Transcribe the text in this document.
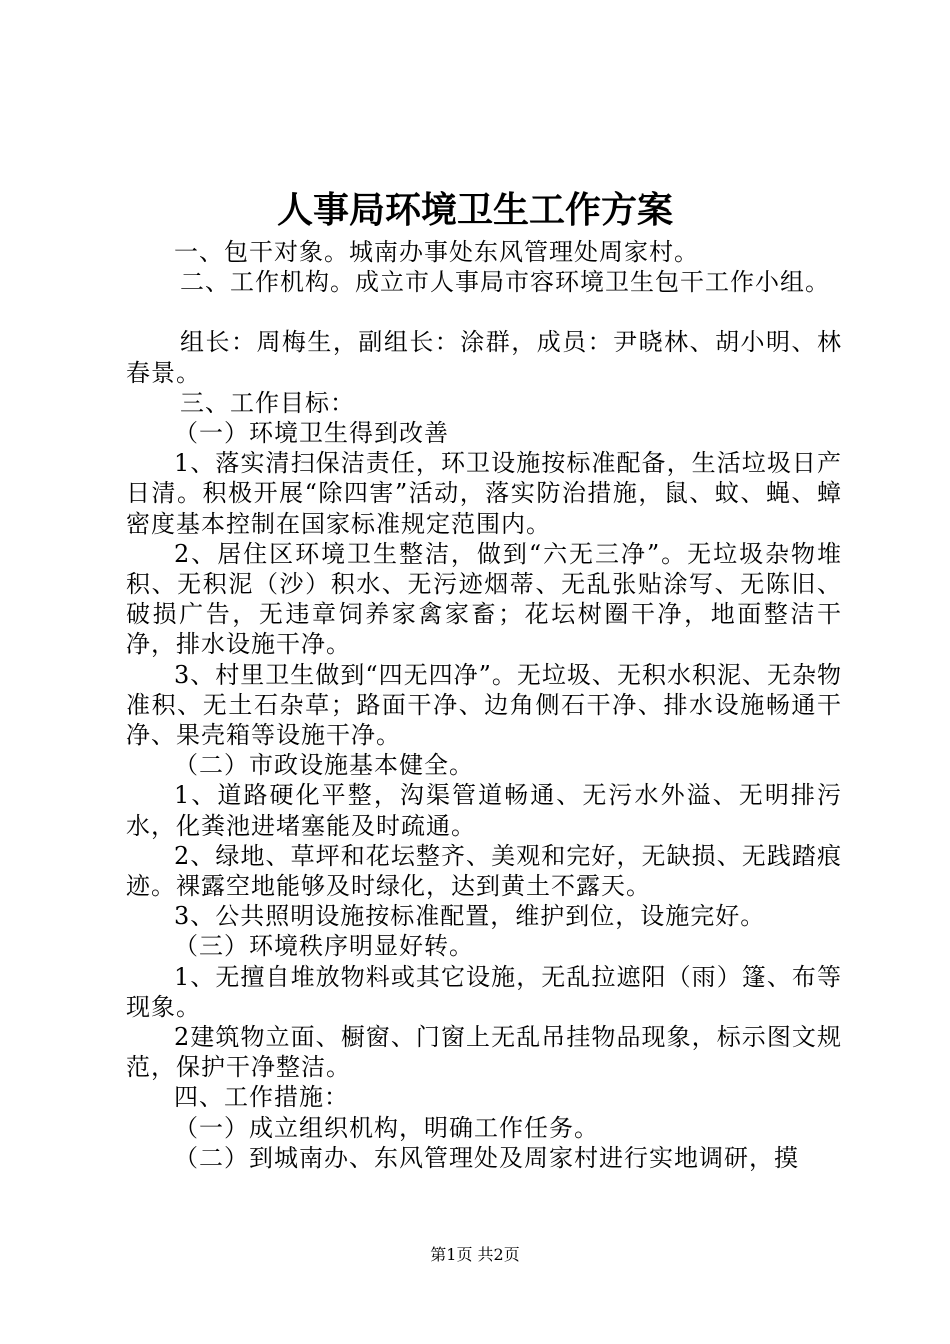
人事局环境卫生工作方案

一、包干对象。城南办事处东风管理处周家村。

二、工作机构。成立市人事局市容环境卫生包干工作小组。

组长：周梅生，副组长：涂群，成员：尹晓林、胡小明、林春景。

三、工作目标：

（一）环境卫生得到改善

1、落实清扫保洁责任，环卫设施按标准配备，生活垃圾日产日清。积极开展“除四害”活动，落实防治措施，鼠、蚊、蝇、蟑密度基本控制在国家标准规定范围内。

2、居住区环境卫生整洁，做到“六无三净”。无垃圾杂物堆积、无积泥（沙）积水、无污迹烟蒂、无乱张贴涂写、无陈旧、破损广告，无违章饲养家禽家畜；花坛树圈干净，地面整洁干净，排水设施干净。

3、村里卫生做到“四无四净”。无垃圾、无积水积泥、无杂物准积、无土石杂草；路面干净、边角侧石干净、排水设施畅通干净、果壳箱等设施干净。

（二）市政设施基本健全。

1、道路硬化平整，沟渠管道畅通、无污水外溢、无明排污水，化粪池进堵塞能及时疏通。

2、绿地、草坪和花坛整齐、美观和完好，无缺损、无践踏痕迹。裸露空地能够及时绿化，达到黄土不露天。

3、公共照明设施按标准配置，维护到位，设施完好。

（三）环境秩序明显好转。

1、无擅自堆放物料或其它设施，无乱拉遮阳（雨）篷、布等现象。

2建筑物立面、橱窗、门窗上无乱吊挂物品现象，标示图文规范，保护干净整洁。

四、工作措施：

（一）成立组织机构，明确工作任务。

（二）到城南办、东风管理处及周家村进行实地调研，摸

第1页 共2页
